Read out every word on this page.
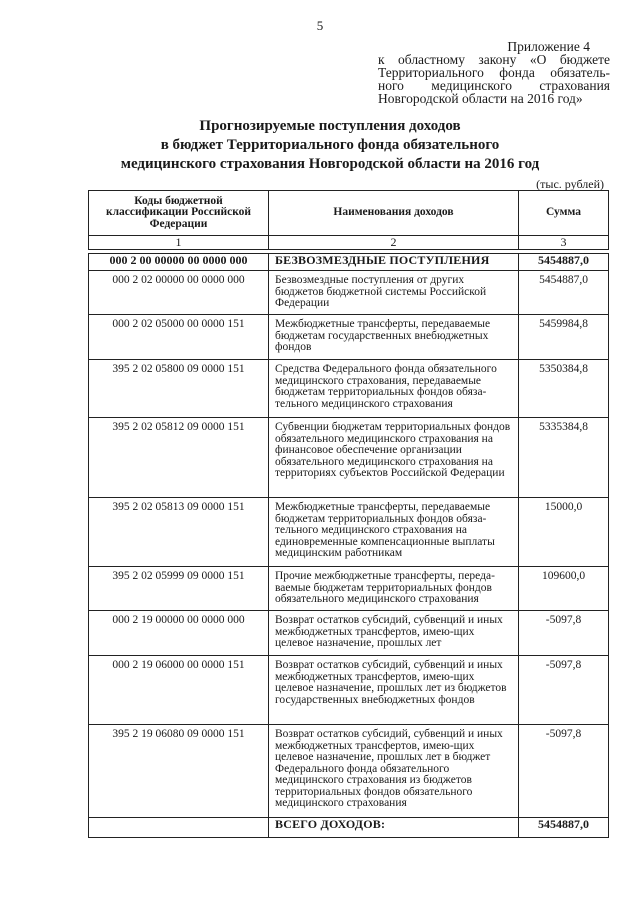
5
Приложение 4
к областному закону «О бюджете
Территориального фонда обязатель-
ного медицинского страхования
Новгородской области на 2016 год»
Прогнозируемые поступления доходов
в бюджет Территориального фонда обязательного
медицинского страхования Новгородской области на 2016 год
(тыс. рублей)
Коды бюджетной классификации Российской Федерации	Наименования доходов	Сумма
1	2	3

000 2 00 00000 00 0000 000	БЕЗВОЗМЕЗДНЫЕ ПОСТУПЛЕНИЯ	5454887,0
000 2 02 00000 00 0000 000	Безвозмездные поступления от других бюджетов бюджетной системы Российской Федерации	5454887,0
000 2 02 05000 00 0000 151	Межбюджетные трансферты, передаваемые бюджетам государственных внебюджетных фондов	5459984,8
395 2 02 05800 09 0000 151	Средства Федерального фонда обязательного медицинского страхования, передаваемые бюджетам территориальных фондов обяза-тельного медицинского страхования	5350384,8
395 2 02 05812 09 0000 151	Субвенции бюджетам территориальных фондов обязательного медицинского страхования на финансовое обеспечение организации обязательного медицинского страхования на территориях субъектов Российской Федерации	5335384,8
395 2 02 05813 09 0000 151	Межбюджетные трансферты, передаваемые бюджетам территориальных фондов обяза-тельного медицинского страхования на единовременные компенсационные выплаты медицинским работникам	15000,0
395 2 02 05999 09 0000 151	Прочие межбюджетные трансферты, переда-ваемые бюджетам территориальных фондов обязательного медицинского страхования	109600,0
000 2 19 00000 00 0000 000	Возврат остатков субсидий, субвенций и иных межбюджетных трансфертов, имею-щих целевое назначение, прошлых лет	-5097,8
000 2 19 06000 00 0000 151	Возврат остатков субсидий, субвенций и иных межбюджетных трансфертов, имею-щих целевое назначение, прошлых лет из бюджетов государственных внебюджетных фондов	-5097,8
395 2 19 06080 09 0000 151	Возврат остатков субсидий, субвенций и иных межбюджетных трансфертов, имею-щих целевое назначение, прошлых лет в бюджет Федерального фонда обязательного медицинского страхования из бюджетов территориальных фондов обязательного медицинского страхования	-5097,8
	ВСЕГО ДОХОДОВ:	5454887,0
